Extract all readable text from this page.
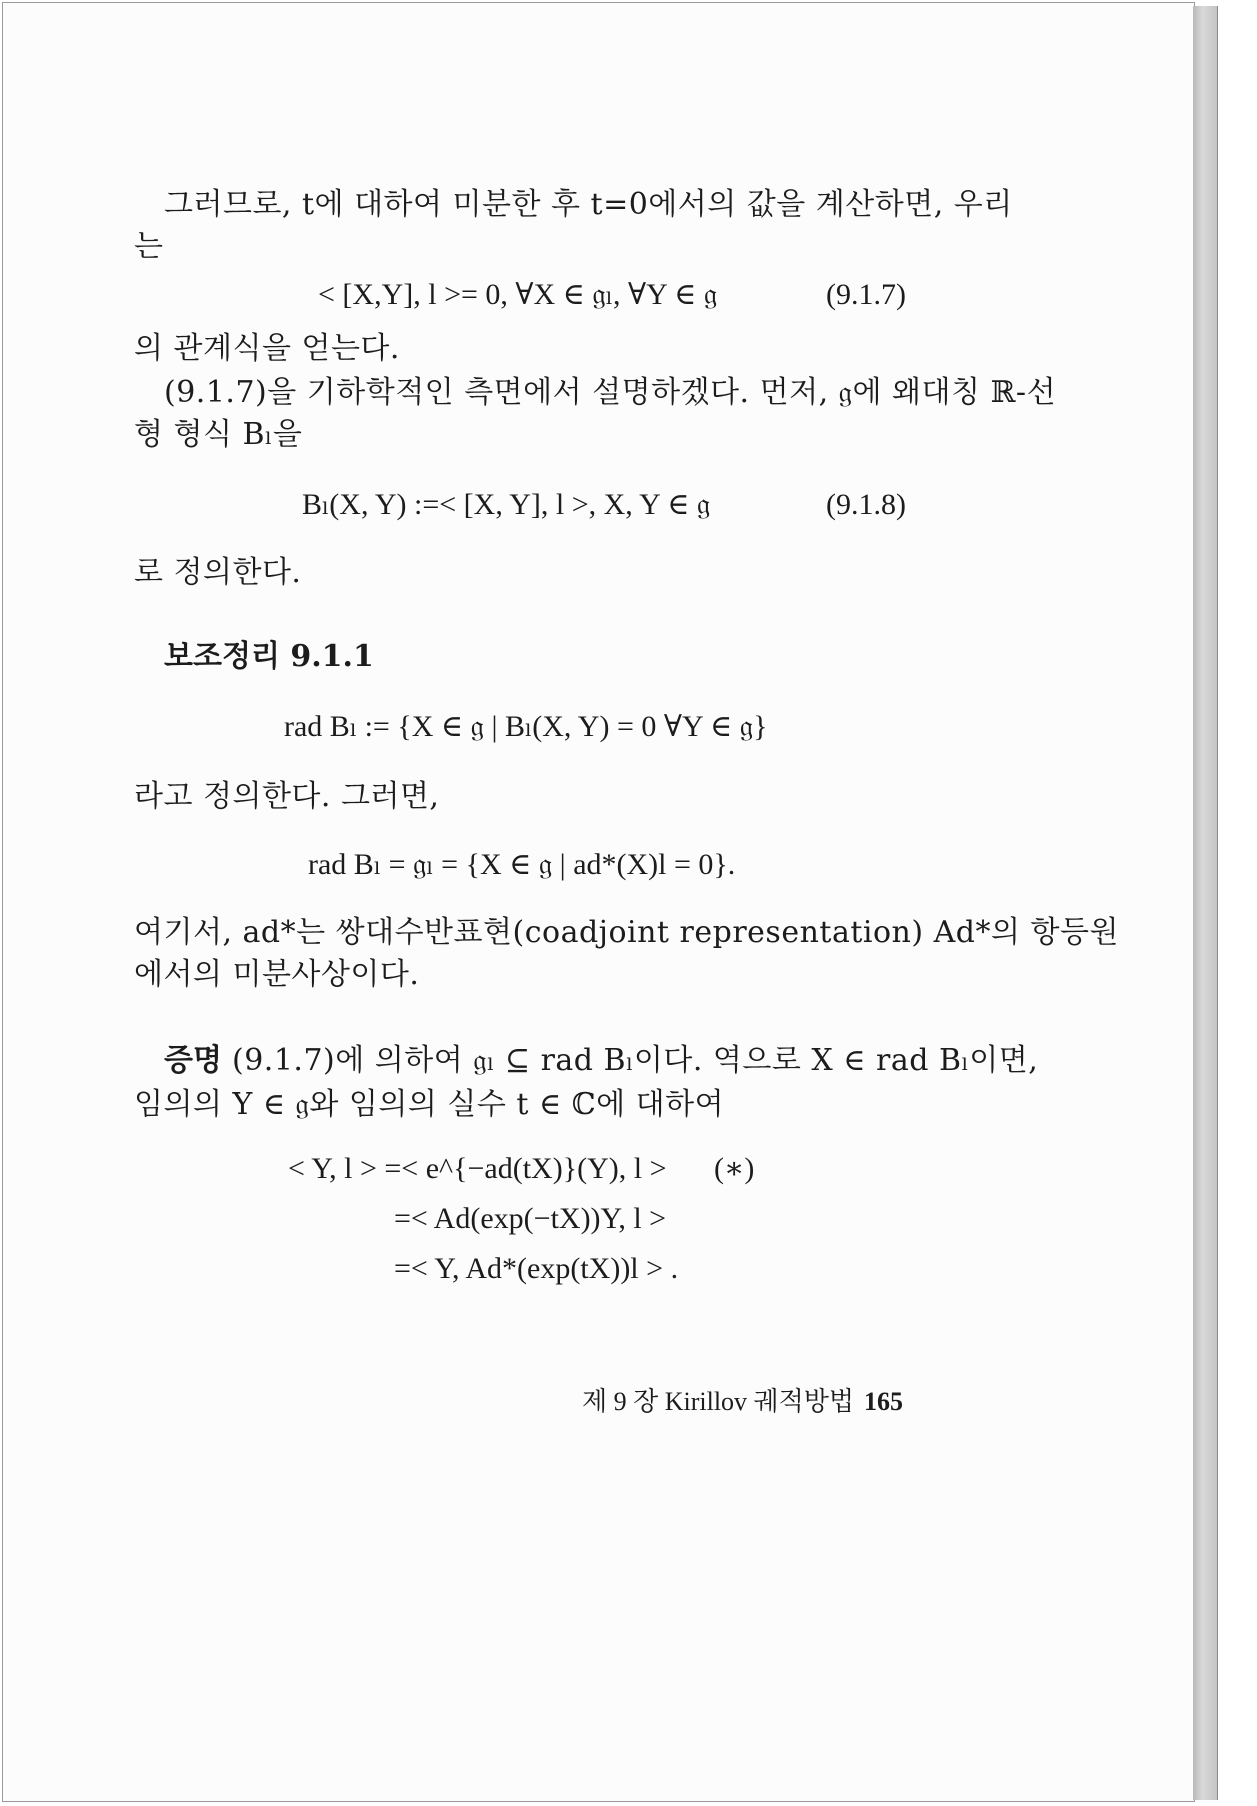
그러므로, t에 대하여 미분한 후 t=0에서의 값을 계산하면, 우리
는
< [X,Y], l >= 0, ∀X ∈ 𝔤ₗ, ∀Y ∈ 𝔤	(9.1.7)
의 관계식을 얻는다.
(9.1.7)을 기하학적인 측면에서 설명하겠다. 먼저, 𝔤에 왜대칭 ℝ-선
형 형식 Bₗ을
Bₗ(X, Y) :=< [X, Y], l >, X, Y ∈ 𝔤	(9.1.8)
로 정의한다.
보조정리 9.1.1
rad Bₗ := {X ∈ 𝔤 | Bₗ(X, Y) = 0 ∀Y ∈ 𝔤}
라고 정의한다. 그러면,
rad Bₗ = 𝔤ₗ = {X ∈ 𝔤 | ad*(X)l = 0}.
여기서, ad*는 쌍대수반표현(coadjoint representation) Ad*의 항등원
에서의 미분사상이다.
증명 (9.1.7)에 의하여 𝔤ₗ ⊆ rad Bₗ이다. 역으로 X ∈ rad Bₗ이면,
임의의 Y ∈ 𝔤와 임의의 실수 t ∈ ℂ에 대하여
< Y, l > =< e^{−ad(tX)}(Y), l > (∗)
=< Ad(exp(−tX))Y, l >
=< Y, Ad*(exp(tX))l > .
제 9 장 Kirillov 궤적방법 165
